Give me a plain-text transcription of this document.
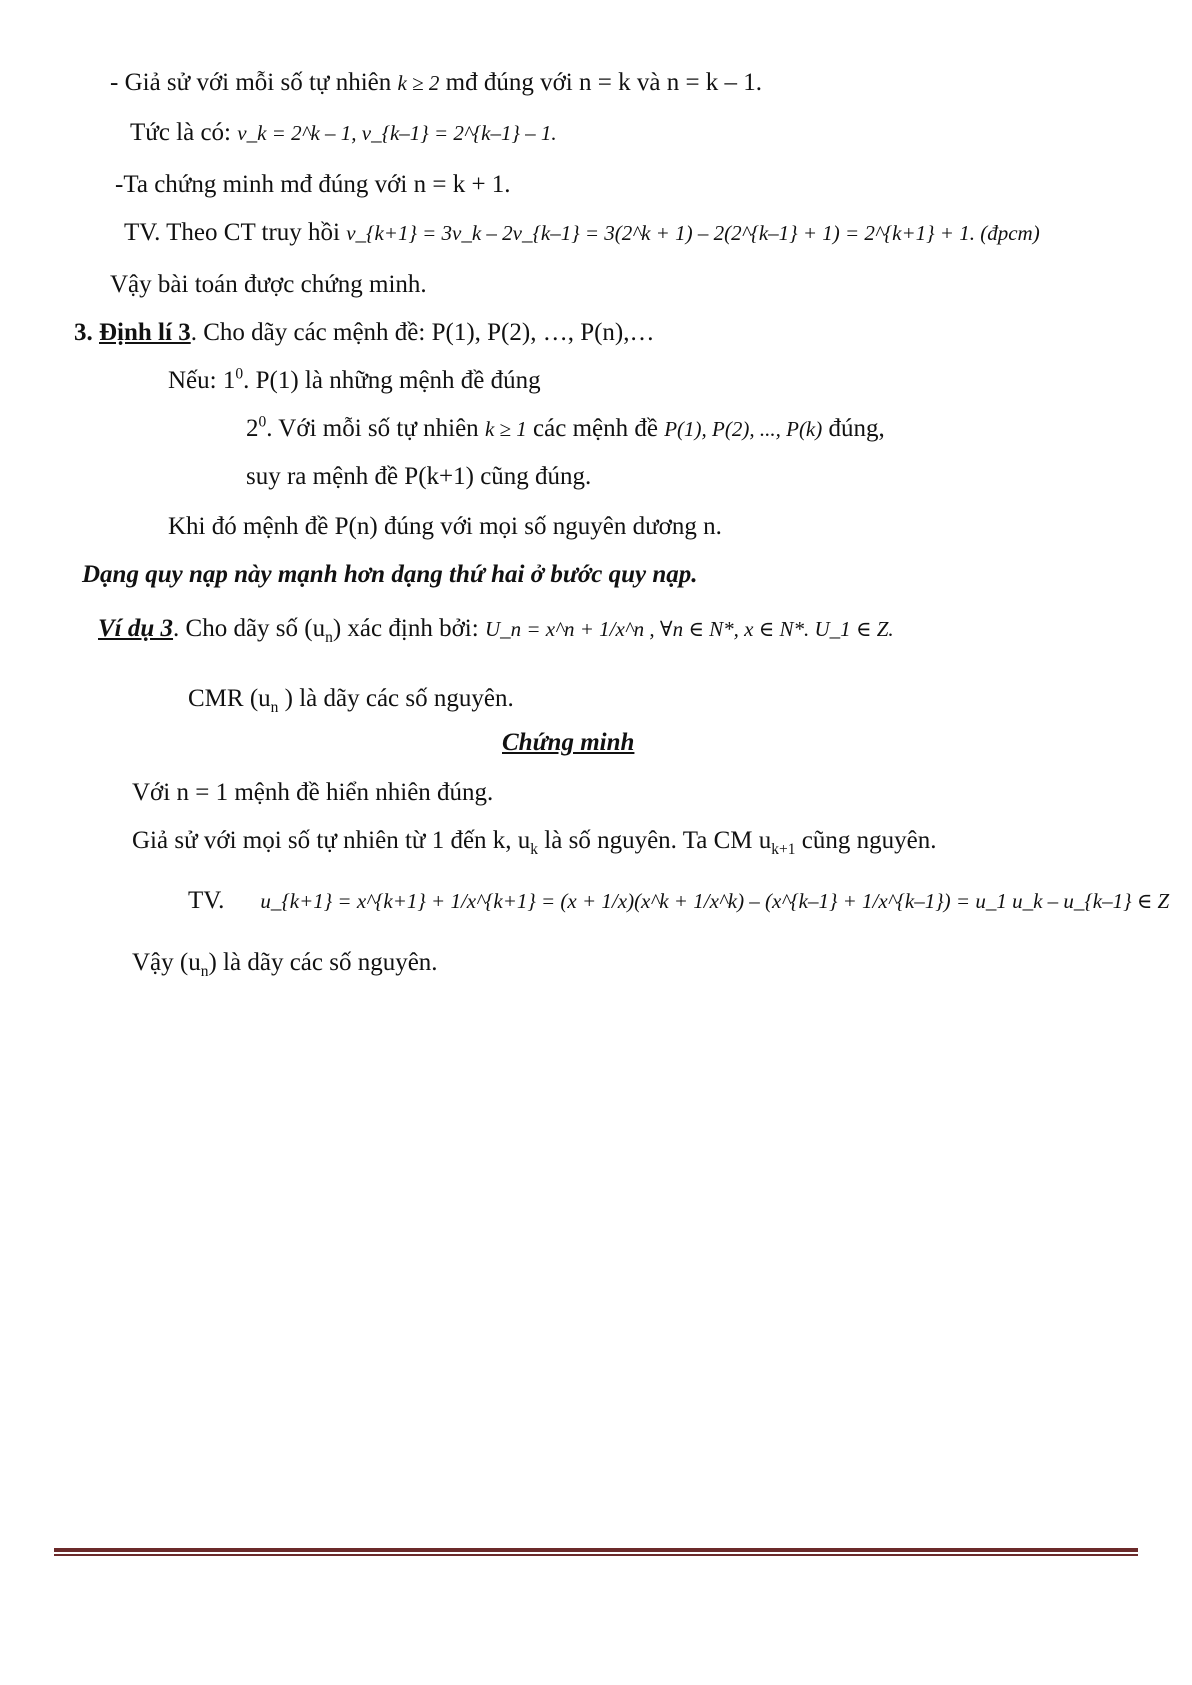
- Giả sử với mỗi số tự nhiên k ≥ 2 mđ đúng với n = k và n = k – 1.
Tức là có: v_k = 2^k – 1, v_{k–1} = 2^{k–1} – 1.
-Ta chứng minh mđ đúng với n = k + 1.
TV. Theo CT truy hồi v_{k+1} = 3v_k – 2v_{k–1} = 3(2^k + 1) – 2(2^{k–1} + 1) = 2^{k+1} + 1. (đpcm)
Vậy bài toán được chứng minh.
3. Định lí 3. Cho dãy các mệnh đề: P(1), P(2), …, P(n),…
Nếu: $1^0$. P(1) là những mệnh đề đúng
$2^0$. Với mỗi số tự nhiên k ≥ 1 các mệnh đề P(1), P(2), ..., P(k) đúng,
suy ra mệnh đề P(k+1) cũng đúng.
Khi đó mệnh đề P(n) đúng với mọi số nguyên dương n.
Dạng quy nạp này mạnh hơn dạng thứ hai ở bước quy nạp.
Ví dụ 3. Cho dãy số $(u_n)$ xác định bởi: U_n = x^n + 1/x^n , ∀n ∈ N*, x ∈ N*. U_1 ∈ Z.
CMR ($u_n$ ) là dãy các số nguyên.
Chứng minh
Với n = 1 mệnh đề hiển nhiên đúng.
Giả sử với mọi số tự nhiên từ 1 đến k, $u_k$ là số nguyên. Ta CM $u_{k+1}$ cũng nguyên.
TV. u_{k+1} = x^{k+1} + 1/x^{k+1} = (x + 1/x)(x^k + 1/x^k) – (x^{k–1} + 1/x^{k–1}) = u_1 u_k – u_{k–1} ∈ Z
Vậy $(u_n)$ là dãy các số nguyên.
